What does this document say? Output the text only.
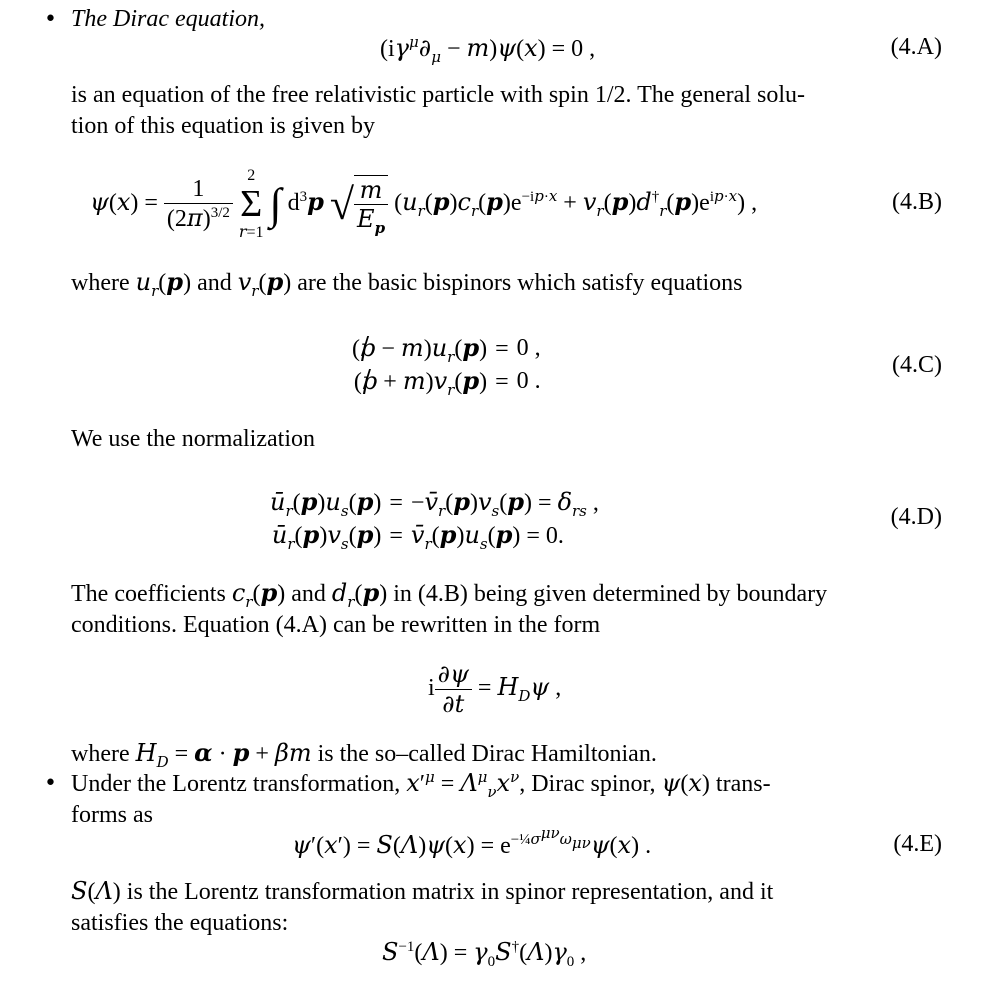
• The Dirac equation,
$(i\gamma^\mu\partial_\mu - m)\psi(x) = 0$ ,	(4.A)
is an equation of the free relativistic particle with spin 1/2. The general solu-
tion of this equation is given by
$\psi(x) = \frac{1}{(2\pi)^{3/2}}$

2
Σ
r=1
∫ $d^3p$ √ $\frac{m}{E_p} (u_r(p)c_r(p)e^{-ip\cdot x} + v_r(p)d^\dagger_r(p)e^{ip\cdot x})$ ,	(4.B)
where $u_r(p)$ and $v_r(p)$ are the basic bispinors which satisfy equations
(p / − $m)u_r(p)$	=	0 ,
(p / + $m)v_r(p)$	=	0 .
(4.C)
We use the normalization
$ū_r(p)u_s(p)$	=	$-v̄_r(p)v_s(p) = \delta_{rs}$ ,
$ū_r(p)v_s(p)$	=	$v̄_r(p)u_s(p) = 0$.
(4.D)
The coefficients $c_r(p)$ and $d_r(p)$ in (4.B) being given determined by boundary
conditions. Equation (4.A) can be rewritten in the form
i $\frac{\partial\psi}{\partial t} = H_D\psi$ ,
where $H_D = \alpha \cdot p + \beta m$ is the so–called Dirac Hamiltonian.
• Under the Lorentz transformation, $x'^\mu = \Lambda^\mu_\nu x^\nu$, Dirac spinor, ψ(x) trans-
forms as
$\psi'(x') = S(\Lambda)\psi(x) = e^{-\frac{1}{4}\sigma^{\mu\nu}\omega_{\mu\nu}}\psi(x)$ .	(4.E)
S(Λ) is the Lorentz transformation matrix in spinor representation, and it
satisfies the equations:
$S^{-1}(\Lambda) = \gamma_0S^\dagger(\Lambda)\gamma_0$ ,
